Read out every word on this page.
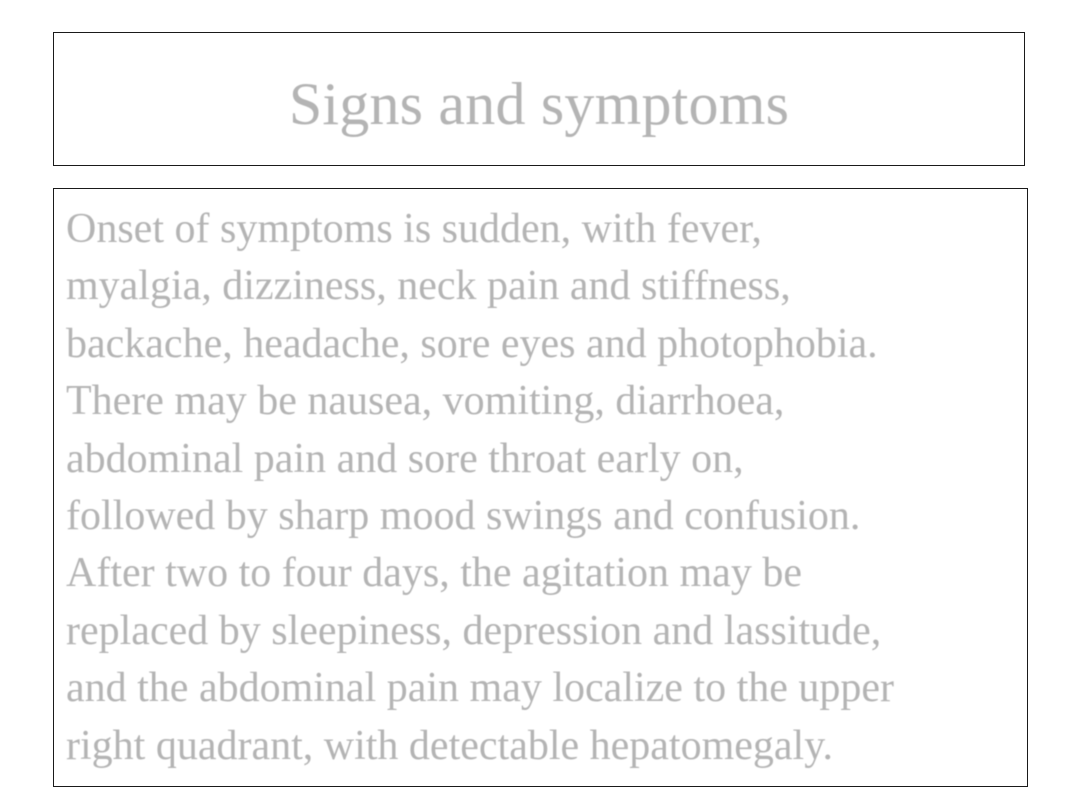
Signs and symptoms

Onset of symptoms is sudden, with fever,
myalgia, dizziness, neck pain and stiffness,
backache, headache, sore eyes and photophobia.
There may be nausea, vomiting, diarrhoea,
abdominal pain and sore throat early on,
followed by sharp mood swings and confusion.
After two to four days, the agitation may be
replaced by sleepiness, depression and lassitude,
and the abdominal pain may localize to the upper
right quadrant, with detectable hepatomegaly.
